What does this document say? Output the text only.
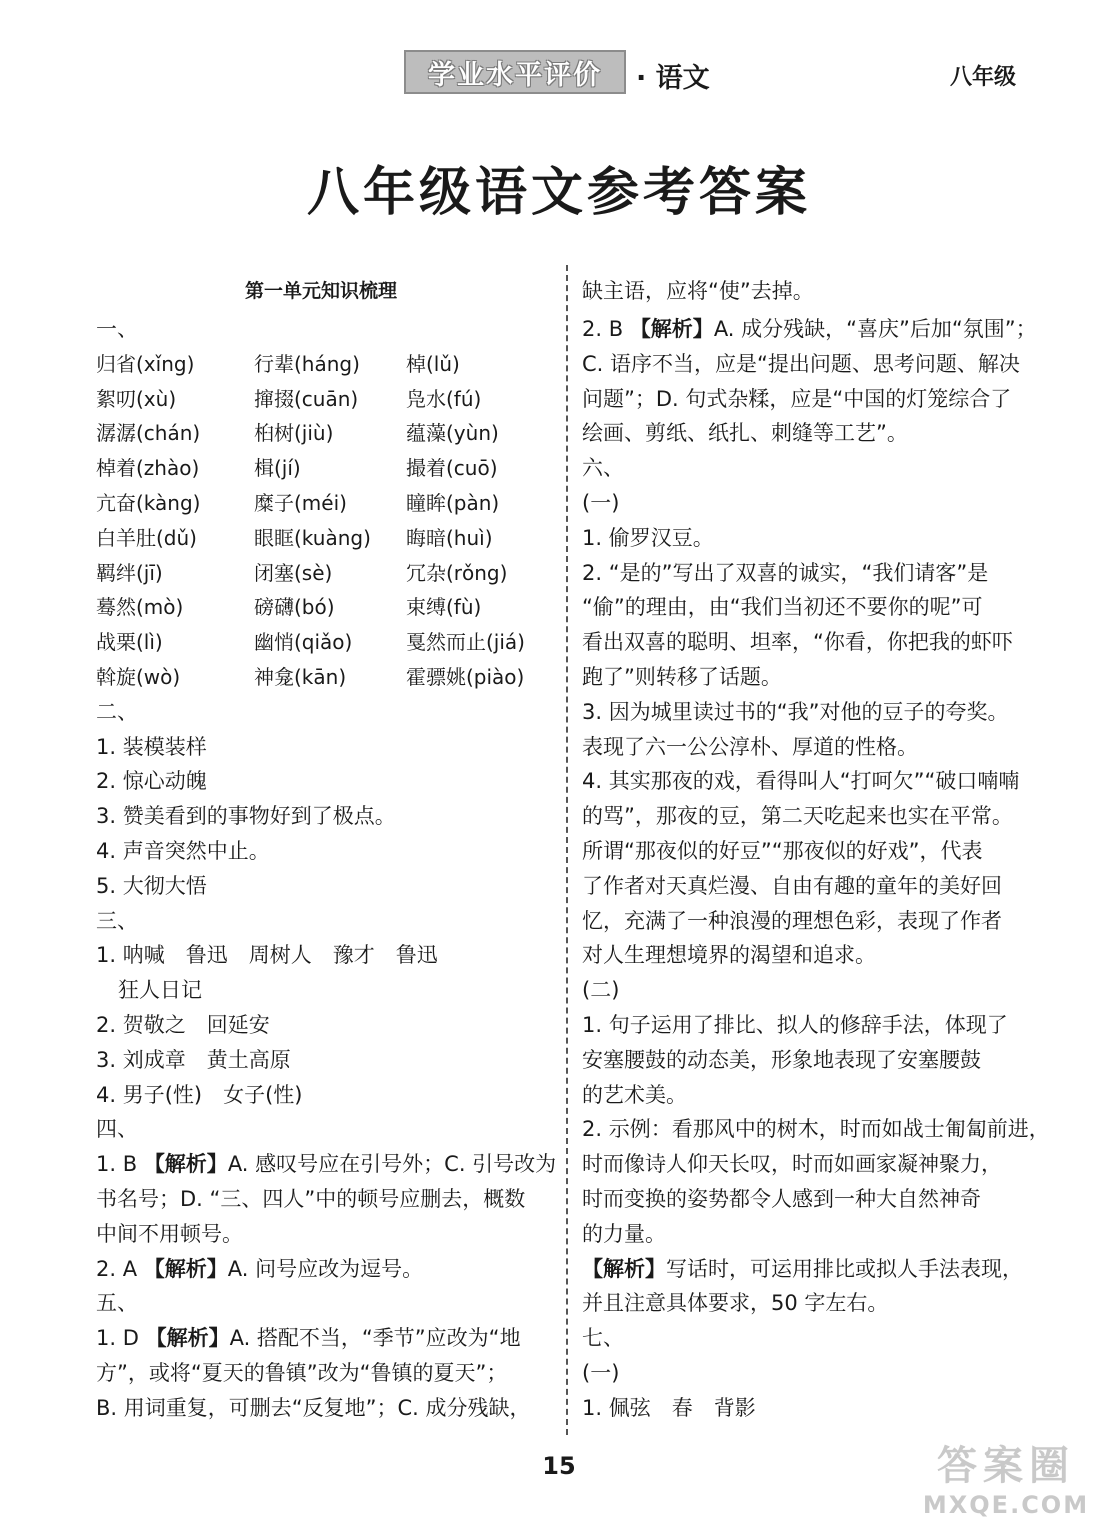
学业水平评价 · 语文	八年级
八年级语文参考答案
第一单元知识梳理
一、
归省(xǐng)	行辈(háng)	棹(lǔ)
絮叨(xù)	撺掇(cuān)	凫水(fú)
潺潺(chán)	桕树(jiù)	蕴藻(yùn)
棹着(zhào)	楫(jí)	撮着(cuō)
亢奋(kàng)	糜子(méi)	瞳眸(pàn)
白羊肚(dǔ)	眼眶(kuàng)	晦暗(huì)
羁绊(jī)	闭塞(sè)	冗杂(rǒng)
蓦然(mò)	磅礴(bó)	束缚(fù)
战栗(lì)	幽悄(qiǎo)	戛然而止(jiá)
斡旋(wò)	神龛(kān)	霍骠姚(piào)
二、
1. 装模装样
2. 惊心动魄
3. 赞美看到的事物好到了极点。
4. 声音突然中止。
5. 大彻大悟
三、
1. 呐喊　鲁迅　周树人　豫才　鲁迅
狂人日记
2. 贺敬之　回延安
3. 刘成章　黄土高原
4. 男子(性)　女子(性)
四、
1. B 【解析】A. 感叹号应在引号外；C. 引号改为
书名号；D. “三、四人”中的顿号应删去，概数
中间不用顿号。
2. A 【解析】A. 问号应改为逗号。
五、
1. D 【解析】A. 搭配不当，“季节”应改为“地
方”，或将“夏天的鲁镇”改为“鲁镇的夏天”；
B. 用词重复，可删去“反复地”；C. 成分残缺，
缺主语，应将“使”去掉。
2. B 【解析】A. 成分残缺，“喜庆”后加“氛围”；
C. 语序不当，应是“提出问题、思考问题、解决
问题”；D. 句式杂糅，应是“中国的灯笼综合了
绘画、剪纸、纸扎、刺缝等工艺”。
六、
(一)
1. 偷罗汉豆。
2. “是的”写出了双喜的诚实，“我们请客”是
“偷”的理由，由“我们当初还不要你的呢”可
看出双喜的聪明、坦率，“你看，你把我的虾吓
跑了”则转移了话题。
3. 因为城里读过书的“我”对他的豆子的夸奖。
表现了六一公公淳朴、厚道的性格。
4. 其实那夜的戏，看得叫人“打呵欠”“破口喃喃
的骂”，那夜的豆，第二天吃起来也实在平常。
所谓“那夜似的好豆”“那夜似的好戏”，代表
了作者对天真烂漫、自由有趣的童年的美好回
忆，充满了一种浪漫的理想色彩，表现了作者
对人生理想境界的渴望和追求。
(二)
1. 句子运用了排比、拟人的修辞手法，体现了
安塞腰鼓的动态美，形象地表现了安塞腰鼓
的艺术美。
2. 示例：看那风中的树木，时而如战士匍匐前进，
时而像诗人仰天长叹，时而如画家凝神聚力，
时而变换的姿势都令人感到一种大自然神奇
的力量。
【解析】写话时，可运用排比或拟人手法表现，
并且注意具体要求，50 字左右。
七、
(一)
1. 佩弦　春　背影
15	答案圈
MXQE.COM
